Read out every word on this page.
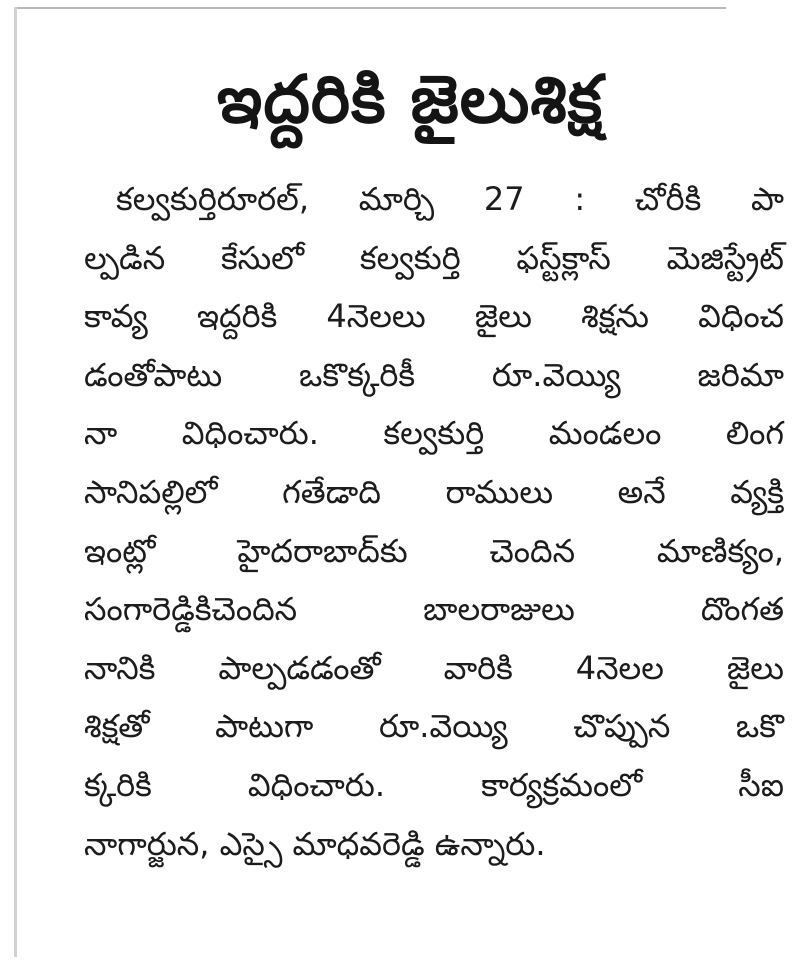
ఇద్దరికి జైలుశిక్ష
కల్వకుర్తిరూరల్, మార్చి 27 : చోరీకి పా
ల్పడిన కేసులో కల్వకుర్తి ఫస్ట్‌క్లాస్ మెజిస్ట్రేట్
కావ్య ఇద్దరికి 4నెలలు జైలు శిక్షను విధించ
డంతోపాటు ఒకొక్కరికీ రూ.వెయ్యి జరిమా
నా విధించారు. కల్వకుర్తి మండలం లింగ
సానిపల్లిలో గతేడాది రాములు అనే వ్యక్తి
ఇంట్లో హైదరాబాద్‌కు చెందిన మాణిక్యం,
సంగారెడ్డికిచెందిన బాలరాజులు దొంగత
నానికి పాల్పడడంతో వారికి 4నెలల జైలు
శిక్షతో పాటుగా రూ.వెయ్యి చొప్పున ఒకొ
క్కరికి విధించారు. కార్యక్రమంలో సీఐ
నాగార్జున, ఎస్సై మాధవరెడ్డి ఉన్నారు.
